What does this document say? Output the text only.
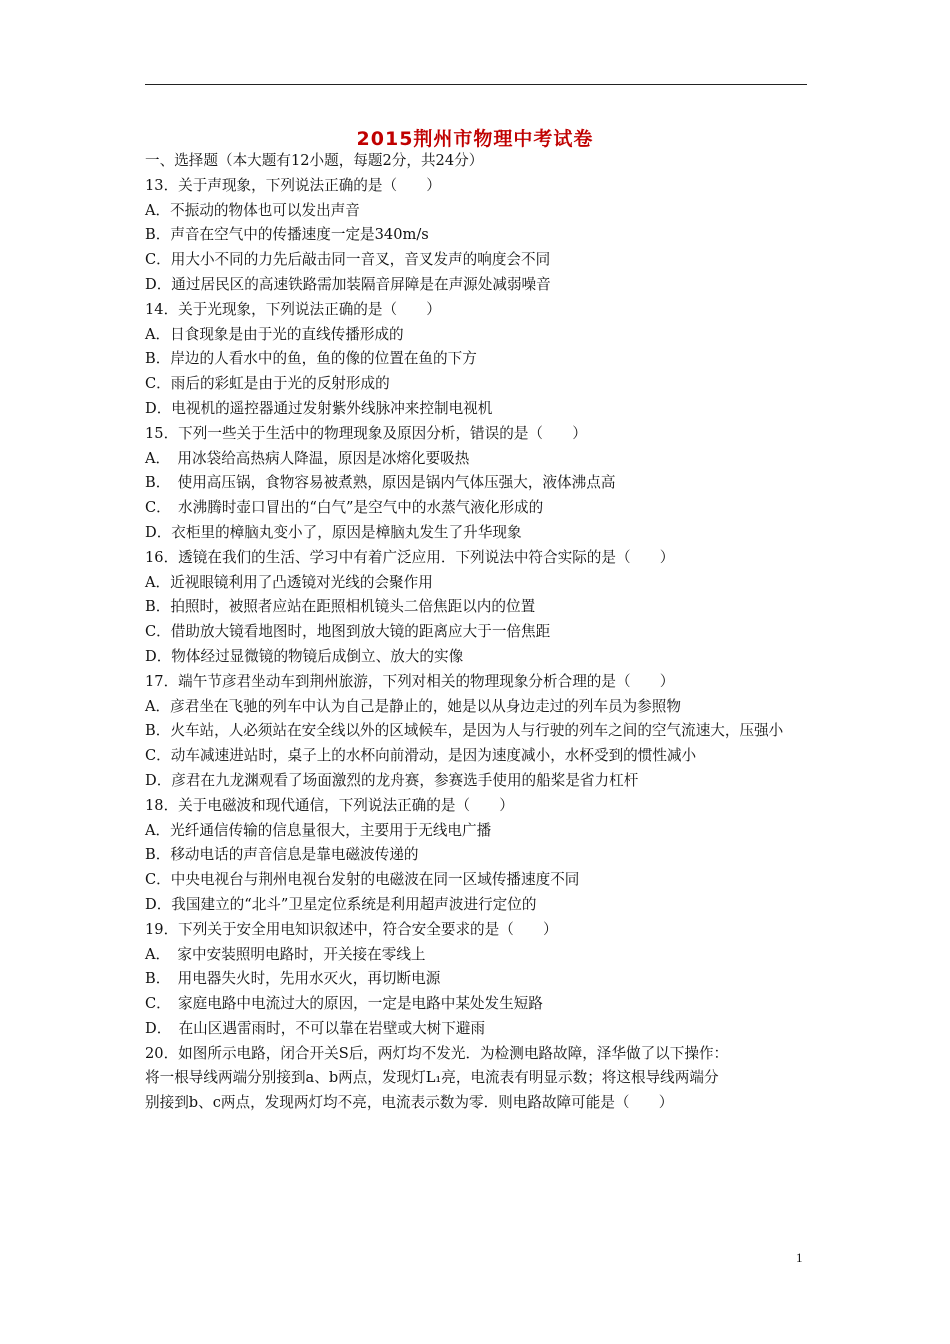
2015荆州市物理中考试卷
一、选择题（本大题有12小题，每题2分，共24分）
13．关于声现象，下列说法正确的是（　　）
A．不振动的物体也可以发出声音
B．声音在空气中的传播速度一定是340m/s
C．用大小不同的力先后敲击同一音叉，音叉发声的响度会不同
D．通过居民区的高速铁路需加装隔音屏障是在声源处减弱噪音
14．关于光现象，下列说法正确的是（　　）
A．日食现象是由于光的直线传播形成的
B．岸边的人看水中的鱼，鱼的像的位置在鱼的下方
C．雨后的彩虹是由于光的反射形成的
D．电视机的遥控器通过发射紫外线脉冲来控制电视机
15．下列一些关于生活中的物理现象及原因分析，错误的是（　　）
A．　用冰袋给高热病人降温，原因是冰熔化要吸热
B．　使用高压锅，食物容易被煮熟，原因是锅内气体压强大，液体沸点高
C．　水沸腾时壶口冒出的“白气”是空气中的水蒸气液化形成的
D．衣柜里的樟脑丸变小了，原因是樟脑丸发生了升华现象
16．透镜在我们的生活、学习中有着广泛应用．下列说法中符合实际的是（　　）
A．近视眼镜利用了凸透镜对光线的会聚作用
B．拍照时，被照者应站在距照相机镜头二倍焦距以内的位置
C．借助放大镜看地图时，地图到放大镜的距离应大于一倍焦距
D．物体经过显微镜的物镜后成倒立、放大的实像
17．端午节彦君坐动车到荆州旅游，下列对相关的物理现象分析合理的是（　　）
A．彦君坐在飞驰的列车中认为自己是静止的，她是以从身边走过的列车员为参照物
B．火车站，人必须站在安全线以外的区域候车，是因为人与行驶的列车之间的空气流速大，压强小
C．动车减速进站时，桌子上的水杯向前滑动，是因为速度减小，水杯受到的惯性减小
D．彦君在九龙渊观看了场面激烈的龙舟赛，参赛选手使用的船桨是省力杠杆
18．关于电磁波和现代通信，下列说法正确的是（　　）
A．光纤通信传输的信息量很大，主要用于无线电广播
B．移动电话的声音信息是靠电磁波传递的
C．中央电视台与荆州电视台发射的电磁波在同一区域传播速度不同
D．我国建立的“北斗”卫星定位系统是利用超声波进行定位的
19．下列关于安全用电知识叙述中，符合安全要求的是（　　）
A．　家中安装照明电路时，开关接在零线上
B．　用电器失火时，先用水灭火，再切断电源
C．　家庭电路中电流过大的原因，一定是电路中某处发生短路
D．　在山区遇雷雨时，不可以靠在岩壁或大树下避雨
20．如图所示电路，闭合开关S后，两灯均不发光．为检测电路故障，泽华做了以下操作：
将一根导线两端分别接到a、b两点，发现灯L₁亮，电流表有明显示数；将这根导线两端分
别接到b、c两点，发现两灯均不亮，电流表示数为零．则电路故障可能是（　　）
1
